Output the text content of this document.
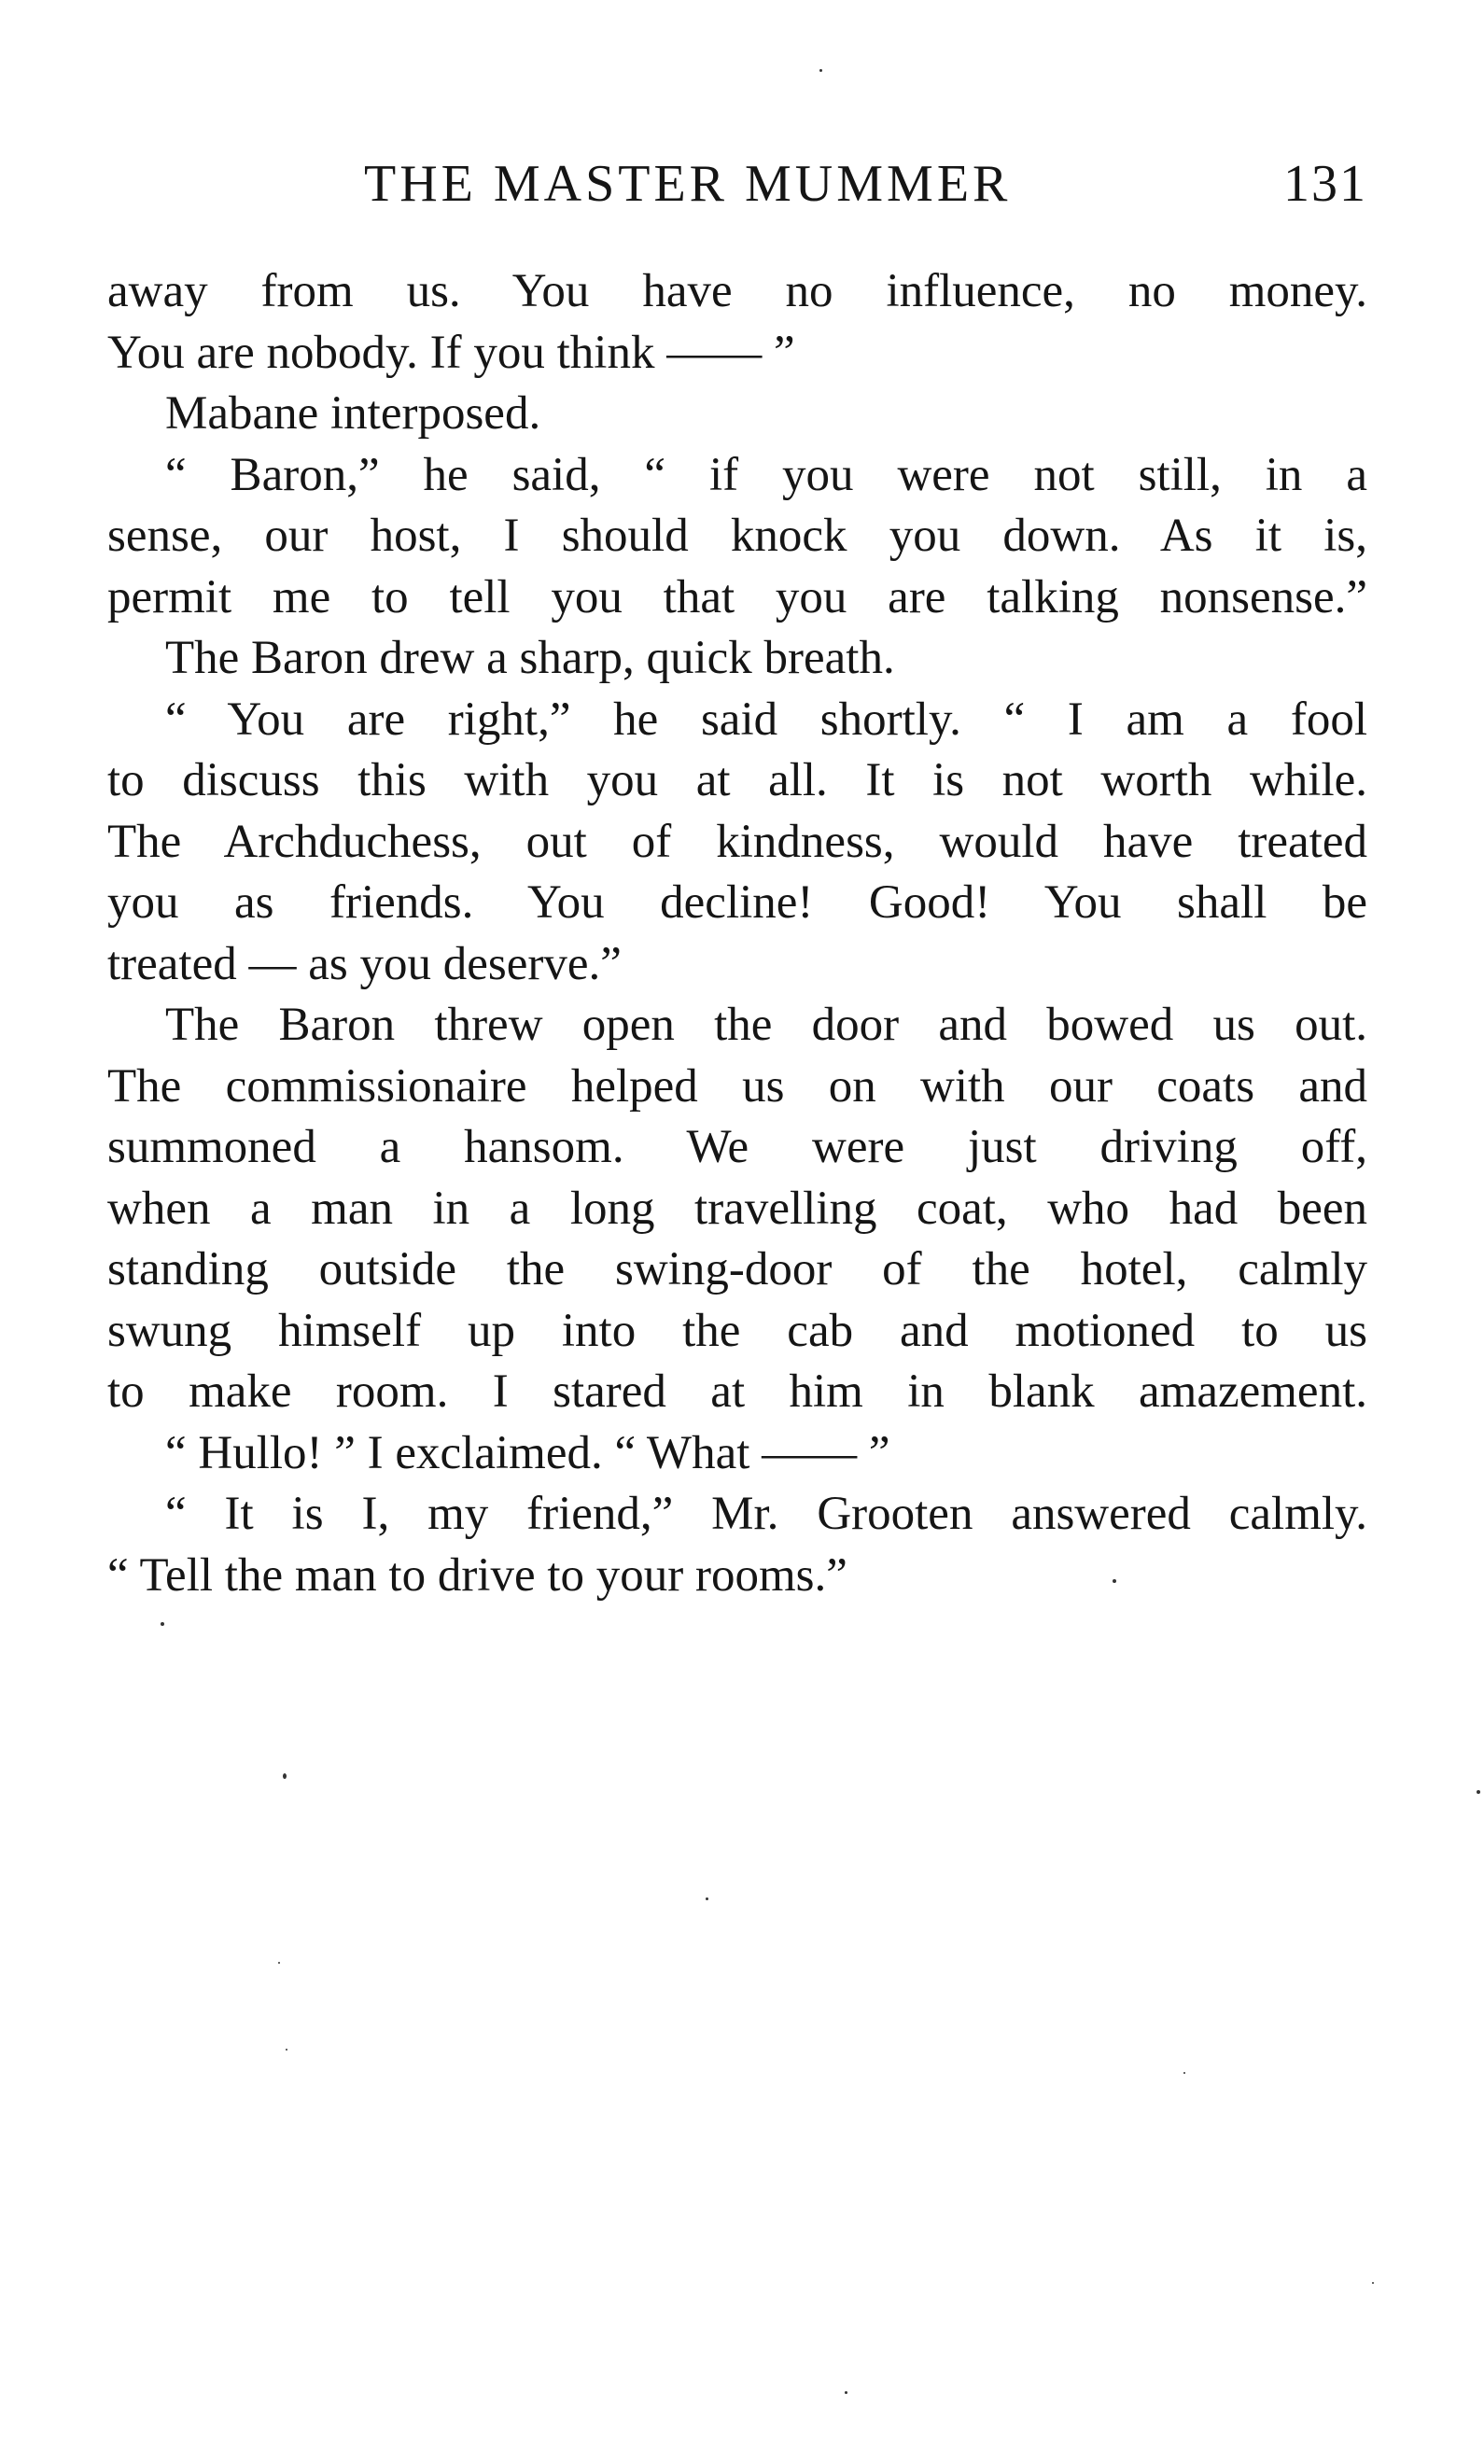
THE MASTER MUMMER	131
away from us. You have no influence, no money.
You are nobody. If you think —— ”
Mabane interposed.
“ Baron,” he said, “ if you were not still, in a
sense, our host, I should knock you down. As it is,
permit me to tell you that you are talking nonsense.”
The Baron drew a sharp, quick breath.
“ You are right,” he said shortly. “ I am a fool
to discuss this with you at all. It is not worth while.
The Archduchess, out of kindness, would have treated
you as friends. You decline! Good! You shall be
treated — as you deserve.”
The Baron threw open the door and bowed us out.
The commissionaire helped us on with our coats and
summoned a hansom. We were just driving off,
when a man in a long travelling coat, who had been
standing outside the swing-door of the hotel, calmly
swung himself up into the cab and motioned to us
to make room. I stared at him in blank amazement.
“ Hullo! ” I exclaimed. “ What —— ”
“ It is I, my friend,” Mr. Grooten answered calmly.
“ Tell the man to drive to your rooms.”
